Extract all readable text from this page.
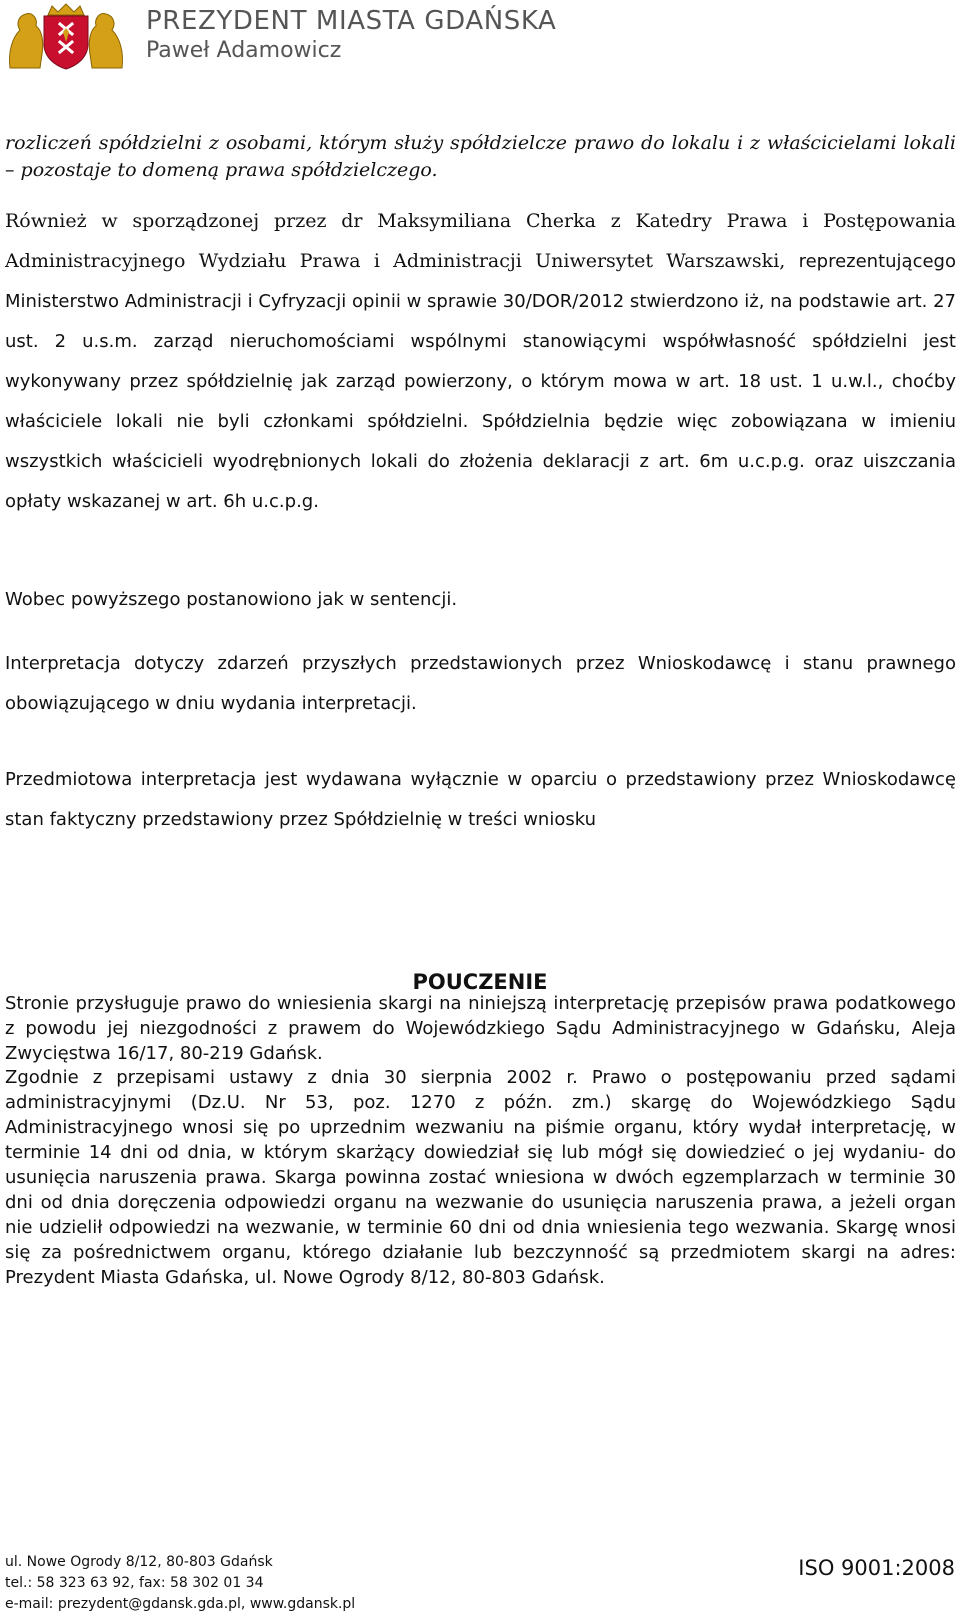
PREZYDENT MIASTA GDAŃSKA
Paweł Adamowicz

rozliczeń spółdzielni z osobami, którym służy spółdzielcze prawo do lokalu i z właścicielami lokali – pozostaje to domeną prawa spółdzielczego.

Również w sporządzonej przez dr Maksymiliana Cherka z Katedry Prawa i Postępowania Administracyjnego Wydziału Prawa i Administracji Uniwersytet Warszawski, reprezentującego Ministerstwo Administracji i Cyfryzacji opinii w sprawie 30/DOR/2012 stwierdzono iż, na podstawie art. 27 ust. 2 u.s.m. zarząd nieruchomościami wspólnymi stanowiącymi współwłasność spółdzielni jest wykonywany przez spółdzielnię jak zarząd powierzony, o którym mowa w art. 18 ust. 1 u.w.l., choćby właściciele lokali nie byli członkami spółdzielni. Spółdzielnia będzie więc zobowiązana w imieniu wszystkich właścicieli wyodrębnionych lokali do złożenia deklaracji z art. 6m u.c.p.g. oraz uiszczania opłaty wskazanej w art. 6h u.c.p.g.

Wobec powyższego postanowiono jak w sentencji.

Interpretacja dotyczy zdarzeń przyszłych przedstawionych przez Wnioskodawcę i stanu prawnego obowiązującego w dniu wydania interpretacji.

Przedmiotowa interpretacja jest wydawana wyłącznie w oparciu o przedstawiony przez Wnioskodawcę stan faktyczny przedstawiony przez Spółdzielnię w treści wniosku

POUCZENIE

Stronie przysługuje prawo do wniesienia skargi na niniejszą interpretację przepisów prawa podatkowego z powodu jej niezgodności z prawem do Wojewódzkiego Sądu Administracyjnego w Gdańsku, Aleja Zwycięstwa 16/17, 80-219 Gdańsk.

Zgodnie z przepisami ustawy z dnia 30 sierpnia 2002 r. Prawo o postępowaniu przed sądami administracyjnymi (Dz.U. Nr 53, poz. 1270 z późn. zm.) skargę do Wojewódzkiego Sądu Administracyjnego wnosi się po uprzednim wezwaniu na piśmie organu, który wydał interpretację, w terminie 14 dni od dnia, w którym skarżący dowiedział się lub mógł się dowiedzieć o jej wydaniu- do usunięcia naruszenia prawa. Skarga powinna zostać wniesiona w dwóch egzemplarzach w terminie 30 dni od dnia doręczenia odpowiedzi organu na wezwanie do usunięcia naruszenia prawa, a jeżeli organ nie udzielił odpowiedzi na wezwanie, w terminie 60 dni od dnia wniesienia tego wezwania. Skargę wnosi się za pośrednictwem organu, którego działanie lub bezczynność są przedmiotem skargi na adres: Prezydent Miasta Gdańska, ul. Nowe Ogrody 8/12, 80-803 Gdańsk.

ul. Nowe Ogrody 8/12, 80-803 Gdańsk
tel.: 58 323 63 92, fax: 58 302 01 34
e-mail: prezydent@gdansk.gda.pl, www.gdansk.pl
ISO 9001:2008
